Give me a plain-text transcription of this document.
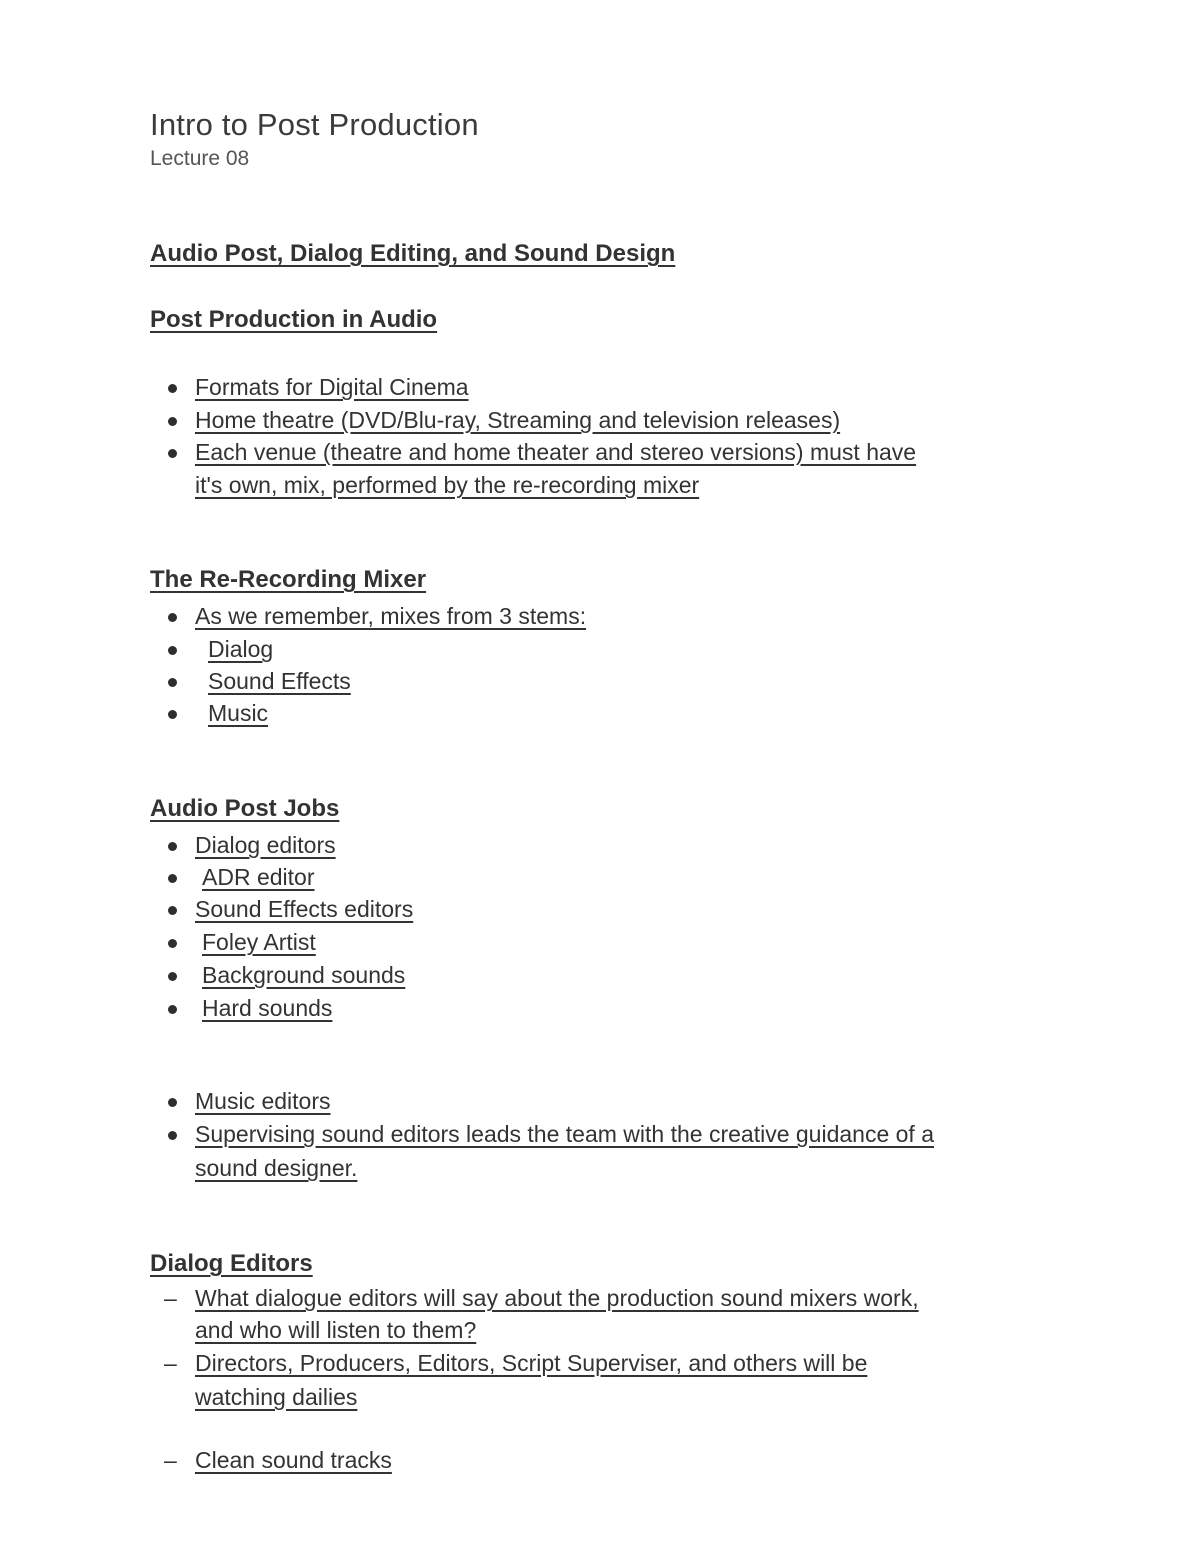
Intro to Post Production
Lecture 08
Audio Post, Dialog Editing, and Sound Design
Post Production in Audio
Formats for Digital Cinema
Home theatre (DVD/Blu-ray, Streaming and television releases)
Each venue (theatre and home theater and stereo versions) must have
it's own, mix, performed by the re-recording mixer
The Re-Recording Mixer
As we remember, mixes from 3 stems:
Dialog
Sound Effects
Music
Audio Post Jobs
Dialog editors
ADR editor
Sound Effects editors
Foley Artist
Background sounds
Hard sounds
Music editors
Supervising sound editors leads the team with the creative guidance of a
sound designer.
Dialog Editors
– What dialogue editors will say about the production sound mixers work,
and who will listen to them?
– Directors, Producers, Editors, Script Superviser, and others will be
watching dailies
– Clean sound tracks
